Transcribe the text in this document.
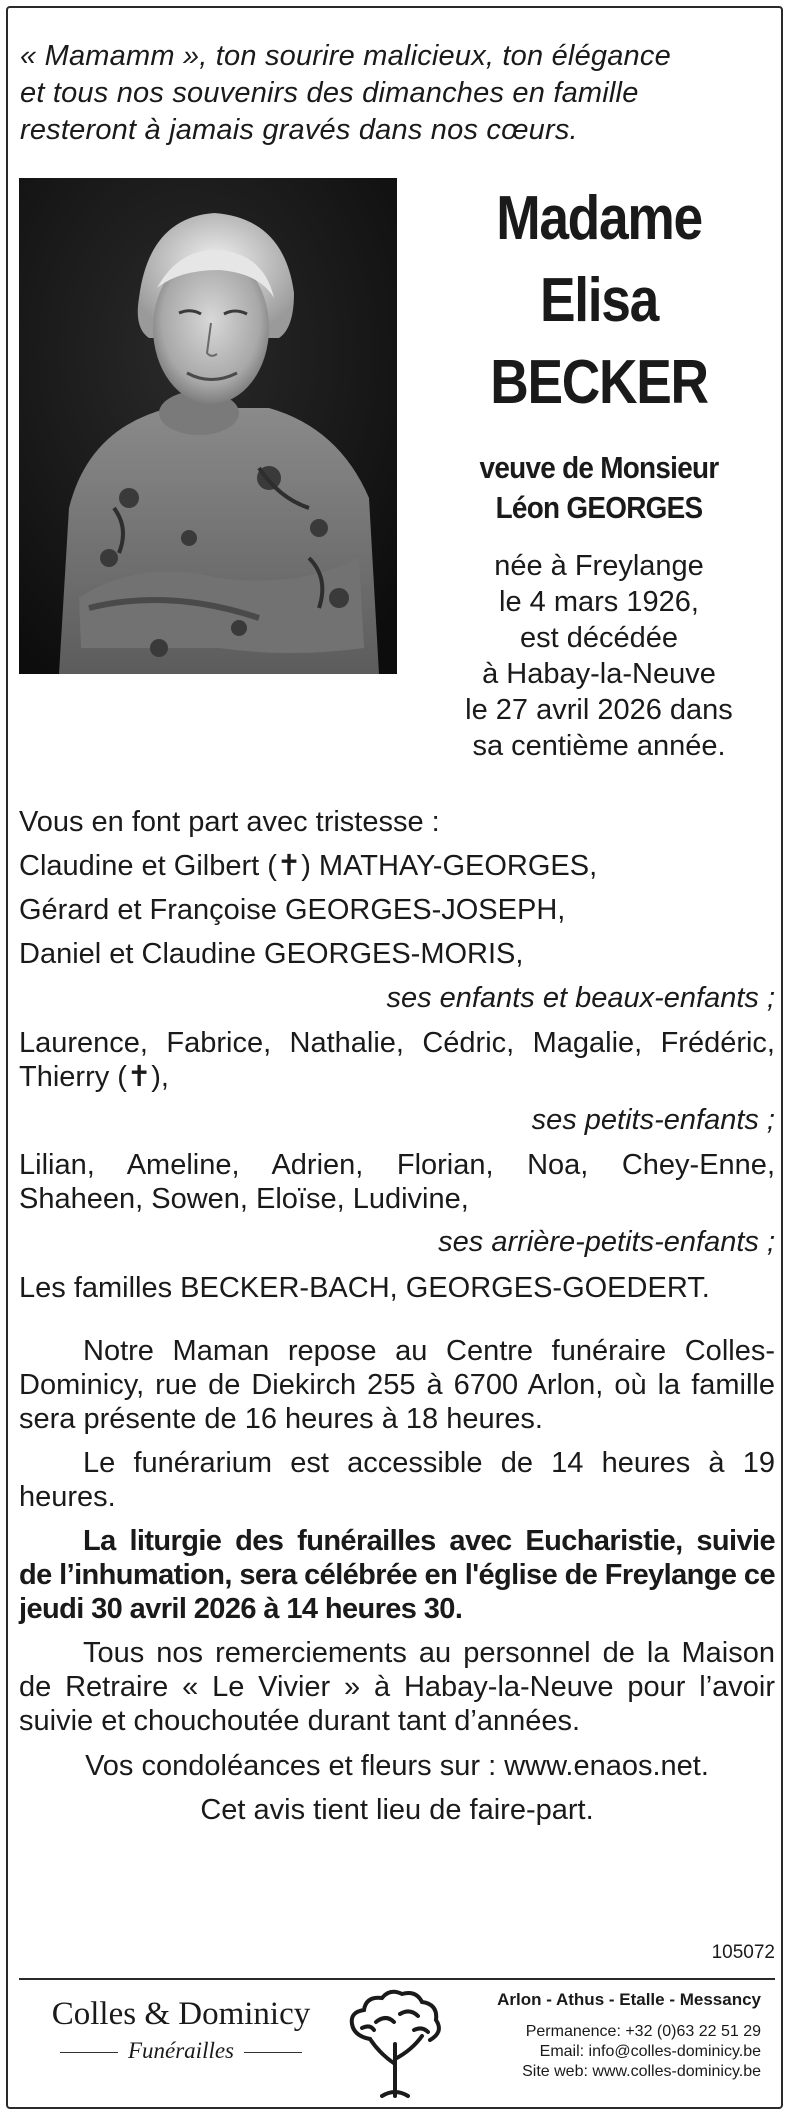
« Mamamm », ton sourire malicieux, ton élégance
et tous nos souvenirs des dimanches en famille
resteront à jamais gravés dans nos cœurs.
Madame
Elisa
BECKER
veuve de Monsieur
Léon GEORGES
née à Freylange
le 4 mars 1926,
est décédée
à Habay-la-Neuve
le 27 avril 2026 dans
sa centième année.
Vous en font part avec tristesse :
Claudine et Gilbert (✝) MATHAY-GEORGES,
Gérard et Françoise GEORGES-JOSEPH,
Daniel et Claudine GEORGES-MORIS,
ses enfants et beaux-enfants ;
Laurence, Fabrice, Nathalie, Cédric, Magalie, Frédéric, Thierry (✝),
ses petits-enfants ;
Lilian, Ameline, Adrien, Florian, Noa, Chey-Enne, Shaheen, Sowen, Eloïse, Ludivine,
ses arrière-petits-enfants ;
Les familles BECKER-BACH, GEORGES-GOEDERT.
Notre Maman repose au Centre funéraire Colles-Dominicy, rue de Diekirch 255 à 6700 Arlon, où la famille sera présente de 16 heures à 18 heures.
Le funérarium est accessible de 14 heures à 19 heures.
La liturgie des funérailles avec Eucharistie, suivie de l’inhumation, sera célébrée en l'église de Freylange ce jeudi 30 avril 2026 à 14 heures 30.
Tous nos remerciements au personnel de la Maison de Retraire « Le Vivier » à Habay-la-Neuve pour l’avoir suivie et chouchoutée durant tant d’années.
Vos condoléances et fleurs sur : www.enaos.net.
Cet avis tient lieu de faire-part.
105072
Colles & Dominicy
Funérailles
Arlon - Athus - Etalle - Messancy
Permanence: +32 (0)63 22 51 29
Email: info@colles-dominicy.be
Site web: www.colles-dominicy.be
